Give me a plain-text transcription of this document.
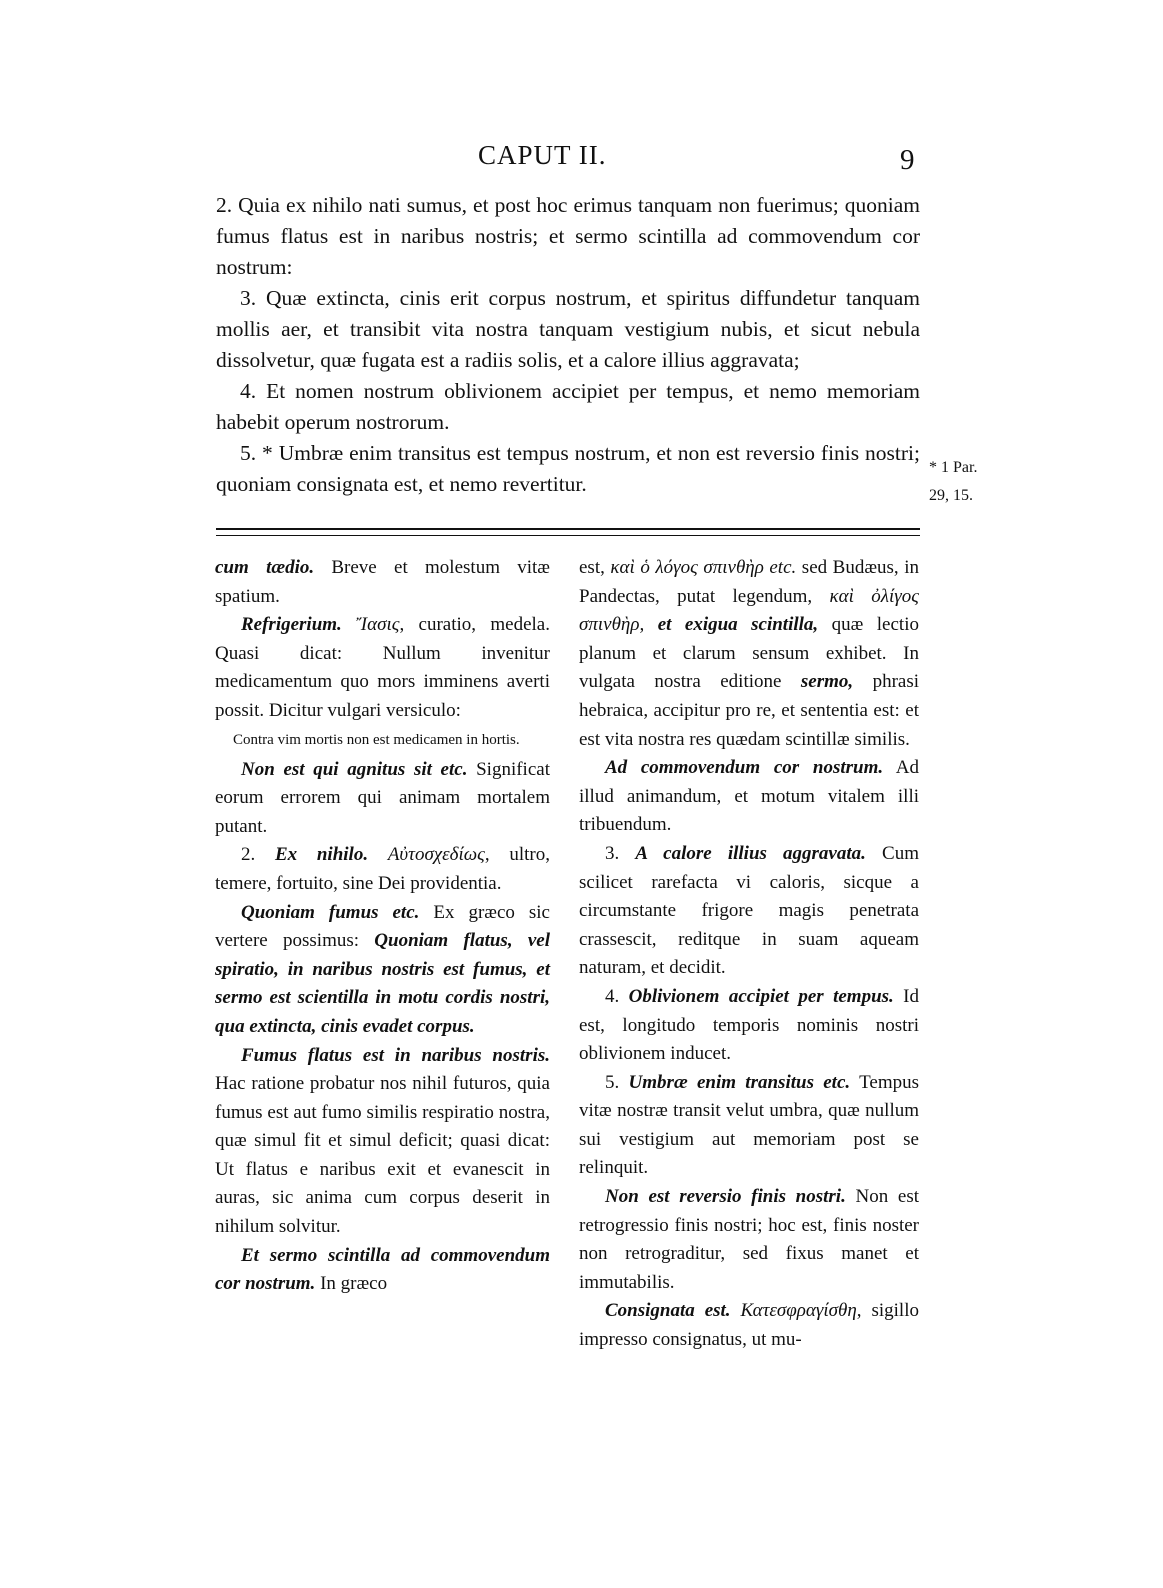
CAPUT II.	9

2. Quia ex nihilo nati sumus, et post hoc erimus tanquam non fuerimus; quoniam fumus flatus est in naribus nostris; et sermo scintilla ad commovendum cor nostrum:

3. Quæ extincta, cinis erit corpus nostrum, et spiritus diffundetur tanquam mollis aer, et transibit vita nostra tanquam vestigium nubis, et sicut nebula dissolvetur, quæ fugata est a radiis solis, et a calore illius aggravata;

4. Et nomen nostrum oblivionem accipiet per tempus, et nemo memoriam habebit operum nostrorum.

5. * Umbræ enim transitus est tempus nostrum, et non est reversio finis nostri; quoniam consignata est, et nemo revertitur.

* 1 Par.
29, 15.

cum tædio. Breve et molestum vitæ spatium.

Refrigerium. Ἴασις, curatio, medela. Quasi dicat: Nullum invenitur medicamentum quo mors imminens averti possit. Dicitur vulgari versiculo:

Contra vim mortis non est medicamen in hortis.

Non est qui agnitus sit etc. Significat eorum errorem qui animam mortalem putant.

2. Ex nihilo. Αὐτοσχεδίως, ultro, temere, fortuito, sine Dei providentia.

Quoniam fumus etc. Ex græco sic vertere possimus: Quoniam flatus, vel spiratio, in naribus nostris est fumus, et sermo est scientilla in motu cordis nostri, qua extincta, cinis evadet corpus.

Fumus flatus est in naribus nostris. Hac ratione probatur nos nihil futuros, quia fumus est aut fumo similis respiratio nostra, quæ simul fit et simul deficit; quasi dicat: Ut flatus e naribus exit et evanescit in auras, sic anima cum corpus deserit in nihilum solvitur.

Et sermo scintilla ad commovendum cor nostrum. In græco

est, καὶ ὁ λόγος σπινθὴρ etc. sed Budæus, in Pandectas, putat legendum, καὶ ὀλίγος σπινθὴρ, et exigua scintilla, quæ lectio planum et clarum sensum exhibet. In vulgata nostra editione sermo, phrasi hebraica, accipitur pro re, et sententia est: et est vita nostra res quædam scintillæ similis.

Ad commovendum cor nostrum. Ad illud animandum, et motum vitalem illi tribuendum.

3. A calore illius aggravata. Cum scilicet rarefacta vi caloris, sicque a circumstante frigore magis penetrata crassescit, reditque in suam aqueam naturam, et decidit.

4. Oblivionem accipiet per tempus. Id est, longitudo temporis nominis nostri oblivionem inducet.

5. Umbræ enim transitus etc. Tempus vitæ nostræ transit velut umbra, quæ nullum sui vestigium aut memoriam post se relinquit.

Non est reversio finis nostri. Non est retrogressio finis nostri; hoc est, finis noster non retrograditur, sed fixus manet et immutabilis.

Consignata est. Κατεσφραγίσθη, sigillo impresso consignatus, ut mu-
